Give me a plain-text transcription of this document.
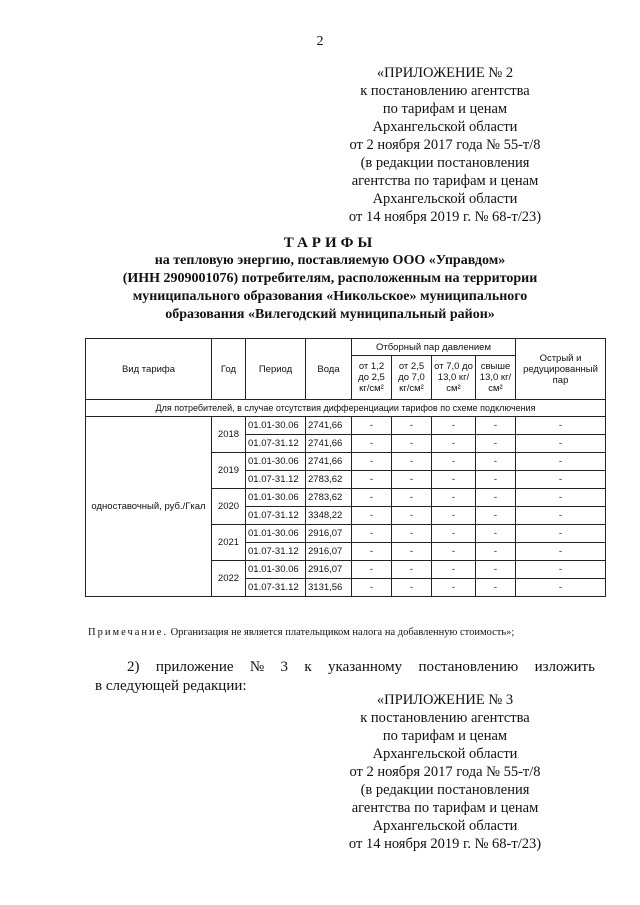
2
«ПРИЛОЖЕНИЕ № 2
к постановлению агентства
по тарифам и ценам
Архангельской области
от 2 ноября 2017 года № 55-т/8
(в редакции постановления
агентства по тарифам и ценам
Архангельской области
от 14 ноября 2019 г. № 68-т/23)
ТАРИФЫ
на тепловую энергию, поставляемую ООО «Управдом»
(ИНН 2909001076) потребителям, расположенным на территории
муниципального образования «Никольское» муниципального
образования «Вилегодский муниципальный район»
Вид тарифа	Год	Период	Вода	Отборный пар давлением				Острый и редуцированный пар
				от 1,2 до 2,5 кг/см²	от 2,5 до 7,0 кг/см²	от 7,0 до 13,0 кг/см²	свыше 13,0 кг/см²	
Для потребителей, в случае отсутствия дифференциации тарифов по схеме подключения								
одноставочный, руб./Гкал	2018	01.01-30.06	2741,66	-	-	-	-	-
		01.07-31.12	2741,66	-	-	-	-	-
	2019	01.01-30.06	2741,66	-	-	-	-	-
		01.07-31.12	2783,62	-	-	-	-	-
	2020	01.01-30.06	2783,62	-	-	-	-	-
		01.07-31.12	3348,22	-	-	-	-	-
	2021	01.01-30.06	2916,07	-	-	-	-	-
		01.07-31.12	2916,07	-	-	-	-	-
	2022	01.01-30.06	2916,07	-	-	-	-	-
		01.07-31.12	3131,56	-	-	-	-	-
Примечание. Организация не является плательщиком налога на добавленную стоимость»;
2) приложение № 3 к указанному постановлению изложить
в следующей редакции:
«ПРИЛОЖЕНИЕ № 3
к постановлению агентства
по тарифам и ценам
Архангельской области
от 2 ноября 2017 года № 55-т/8
(в редакции постановления
агентства по тарифам и ценам
Архангельской области
от 14 ноября 2019 г. № 68-т/23)
